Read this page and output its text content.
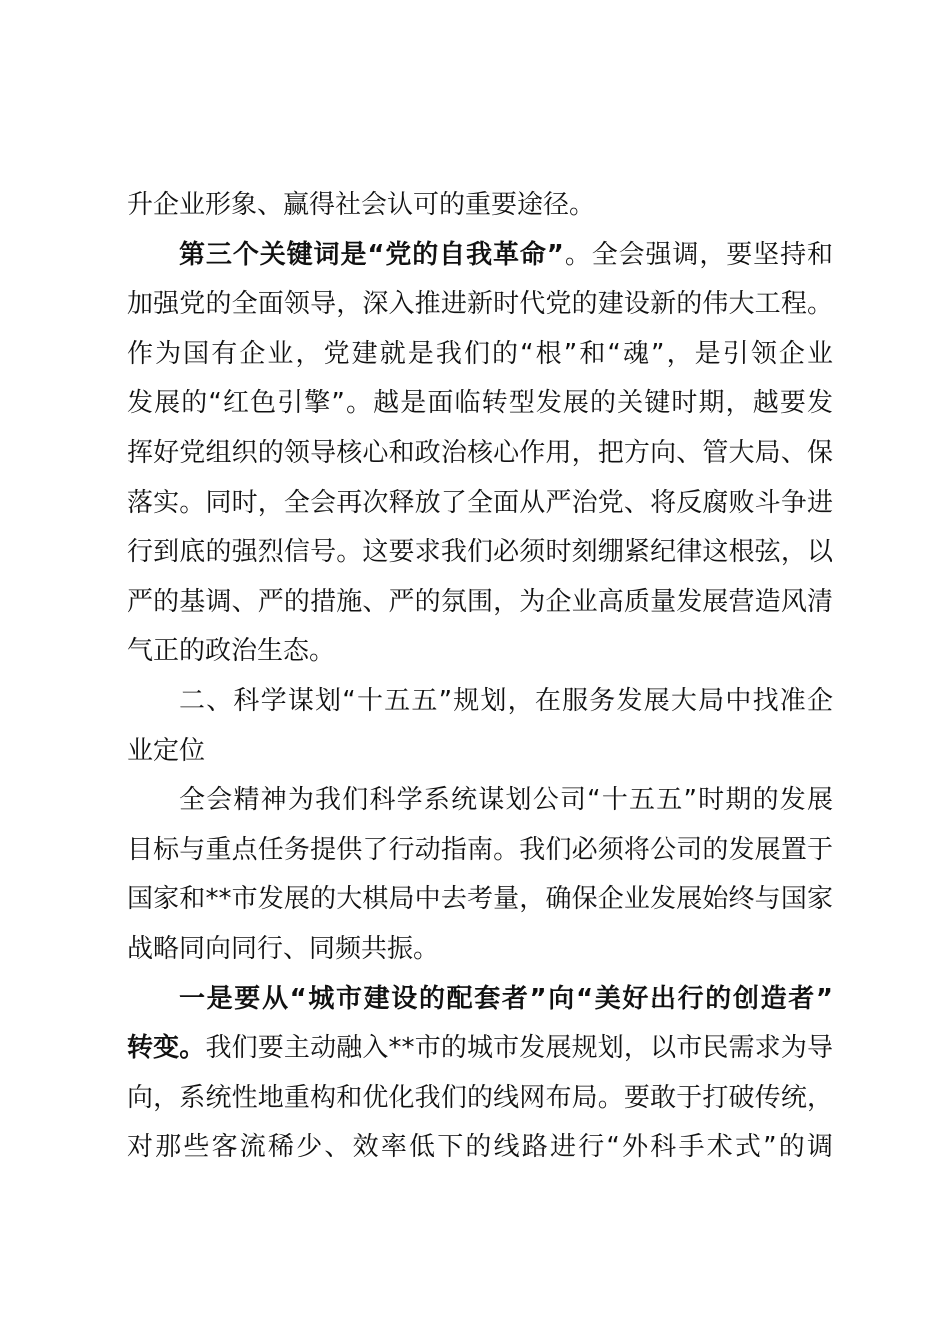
升企业形象、赢得社会认可的重要途径。
第三个关键词是“党的自我革命”。全会强调，要坚持和
加强党的全面领导，深入推进新时代党的建设新的伟大工程。
作为国有企业，党建就是我们的“根”和“魂”，是引领企业
发展的“红色引擎”。越是面临转型发展的关键时期，越要发
挥好党组织的领导核心和政治核心作用，把方向、管大局、保
落实。同时，全会再次释放了全面从严治党、将反腐败斗争进
行到底的强烈信号。这要求我们必须时刻绷紧纪律这根弦，以
严的基调、严的措施、严的氛围，为企业高质量发展营造风清
气正的政治生态。
二、科学谋划“十五五”规划，在服务发展大局中找准企
业定位
全会精神为我们科学系统谋划公司“十五五”时期的发展
目标与重点任务提供了行动指南。我们必须将公司的发展置于
国家和**市发展的大棋局中去考量，确保企业发展始终与国家
战略同向同行、同频共振。
一是要从“城市建设的配套者”向“美好出行的创造者”
转变。我们要主动融入**市的城市发展规划，以市民需求为导
向，系统性地重构和优化我们的线网布局。要敢于打破传统，
对那些客流稀少、效率低下的线路进行“外科手术式”的调
